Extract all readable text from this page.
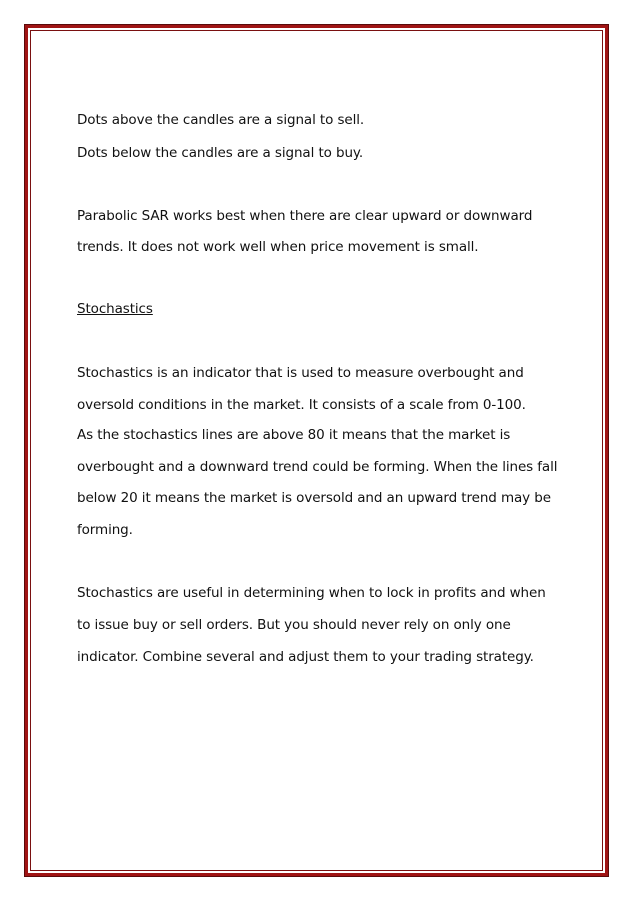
Dots above the candles are a signal to sell.
Dots below the candles are a signal to buy.
Parabolic SAR works best when there are clear upward or downward
trends. It does not work well when price movement is small.
Stochastics
Stochastics is an indicator that is used to measure overbought and
oversold conditions in the market. It consists of a scale from 0-100.
As the stochastics lines are above 80 it means that the market is
overbought and a downward trend could be forming. When the lines fall
below 20 it means the market is oversold and an upward trend may be
forming.
Stochastics are useful in determining when to lock in profits and when
to issue buy or sell orders. But you should never rely on only one
indicator. Combine several and adjust them to your trading strategy.
